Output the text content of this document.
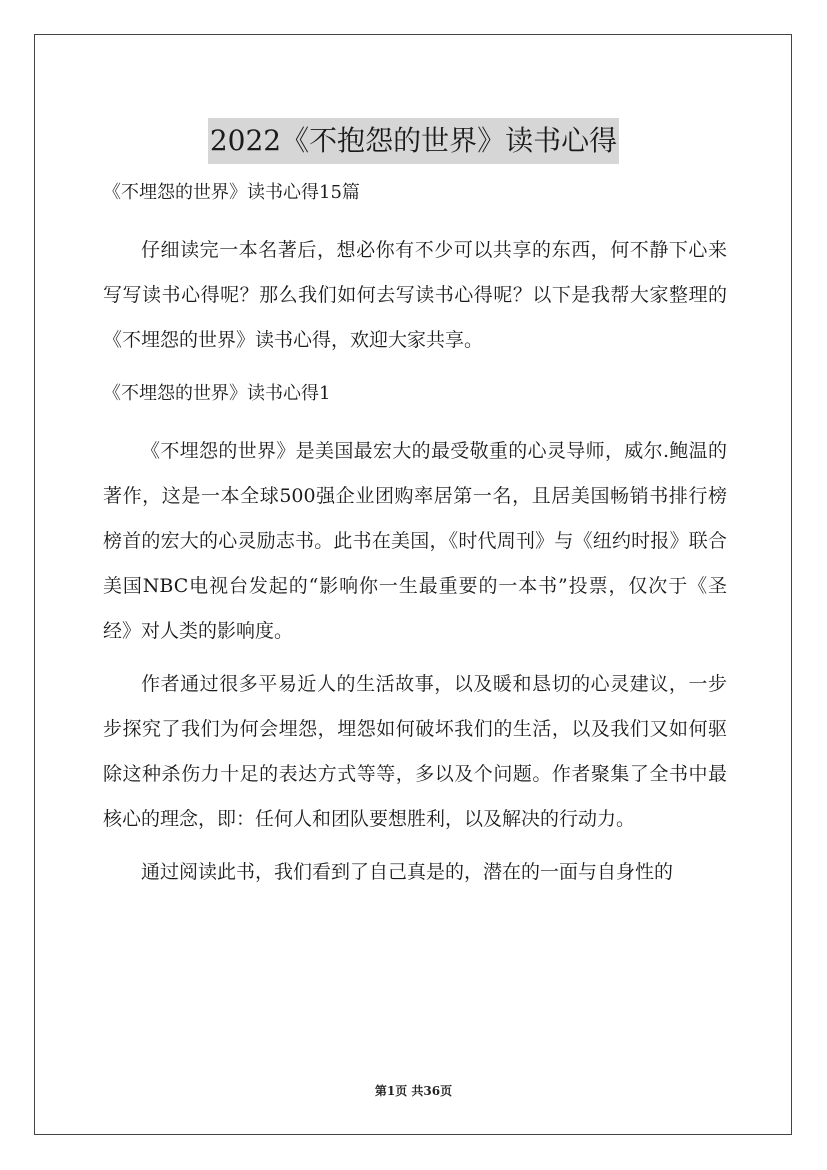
2022《不抱怨的世界》读书心得

《不埋怨的世界》读书心得15篇

仔细读完一本名著后，想必你有不少可以共享的东西，何不静下心来写写读书心得呢？那么我们如何去写读书心得呢？以下是我帮大家整理的《不埋怨的世界》读书心得，欢迎大家共享。

《不埋怨的世界》读书心得1

《不埋怨的世界》是美国最宏大的最受敬重的心灵导师，威尔.鲍温的著作，这是一本全球500强企业团购率居第一名，且居美国畅销书排行榜榜首的宏大的心灵励志书。此书在美国，《时代周刊》与《纽约时报》联合美国NBC电视台发起的“影响你一生最重要的一本书”投票，仅次于《圣经》对人类的影响度。

作者通过很多平易近人的生活故事，以及暖和恳切的心灵建议，一步步探究了我们为何会埋怨，埋怨如何破坏我们的生活，以及我们又如何驱除这种杀伤力十足的表达方式等等，多以及个问题。作者聚集了全书中最核心的理念，即：任何人和团队要想胜利，以及解决的行动力。

通过阅读此书，我们看到了自己真是的，潜在的一面与自身性的

第1页 共36页
